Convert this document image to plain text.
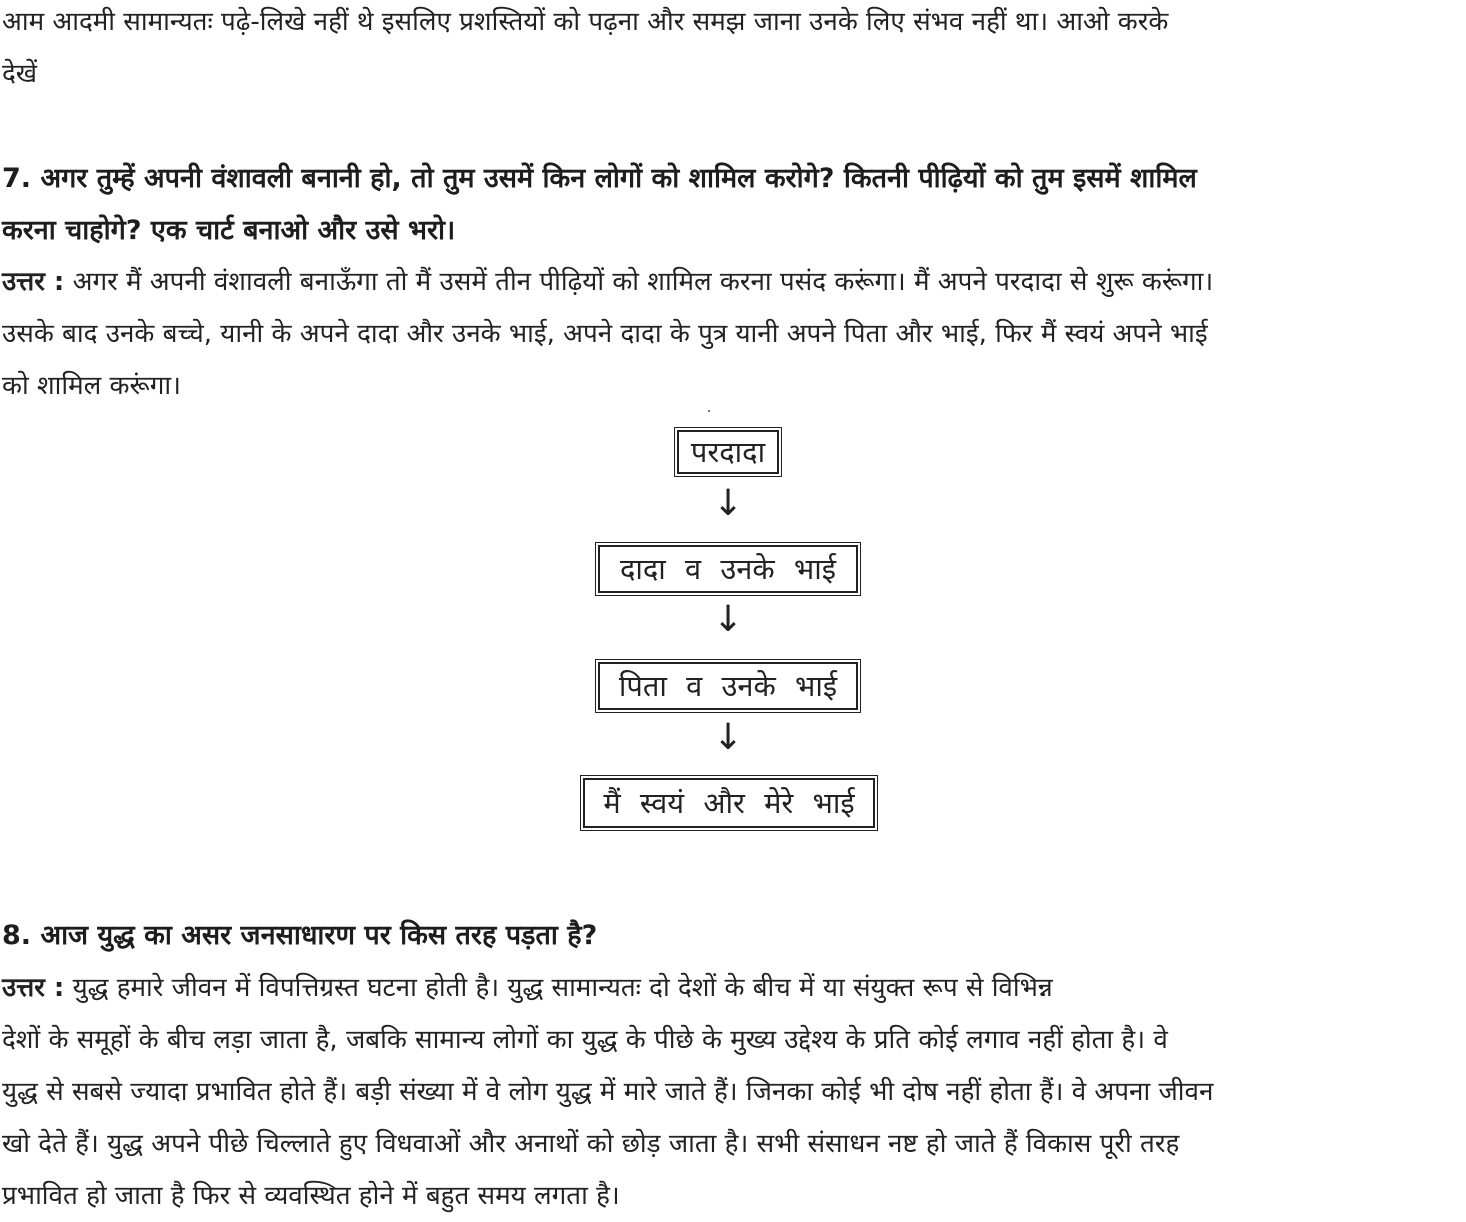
आम आदमी सामान्यतः पढ़े-लिखे नहीं थे इसलिए प्रशस्तियों को पढ़ना और समझ जाना उनके लिए संभव नहीं था। आओ करके
देखें

7. अगर तुम्हें अपनी वंशावली बनानी हो, तो तुम उसमें किन लोगों को शामिल करोगे? कितनी पीढ़ियों को तुम इसमें शामिल
करना चाहोगे? एक चार्ट बनाओ और उसे भरो।

उत्तर : अगर मैं अपनी वंशावली बनाऊँगा तो मैं उसमें तीन पीढ़ियों को शामिल करना पसंद करूंगा। मैं अपने परदादा से शुरू करूंगा।
उसके बाद उनके बच्चे, यानी के अपने दादा और उनके भाई, अपने दादा के पुत्र यानी अपने पिता और भाई, फिर मैं स्वयं अपने भाई
को शामिल करूंगा।

परदादा
↓
दादा व उनके भाई
↓
पिता व उनके भाई
↓
मैं स्वयं और मेरे भाई

8. आज युद्ध का असर जनसाधारण पर किस तरह पड़ता है?

उत्तर : युद्ध हमारे जीवन में विपत्तिग्रस्त घटना होती है। युद्ध सामान्यतः दो देशों के बीच में या संयुक्त रूप से विभिन्न
देशों के समूहों के बीच लड़ा जाता है, जबकि सामान्य लोगों का युद्ध के पीछे के मुख्य उद्देश्य के प्रति कोई लगाव नहीं होता है। वे
युद्ध से सबसे ज्यादा प्रभावित होते हैं। बड़ी संख्या में वे लोग युद्ध में मारे जाते हैं। जिनका कोई भी दोष नहीं होता हैं। वे अपना जीवन
खो देते हैं। युद्ध अपने पीछे चिल्लाते हुए विधवाओं और अनाथों को छोड़ जाता है। सभी संसाधन नष्ट हो जाते हैं विकास पूरी तरह
प्रभावित हो जाता है फिर से व्यवस्थित होने में बहुत समय लगता है।
